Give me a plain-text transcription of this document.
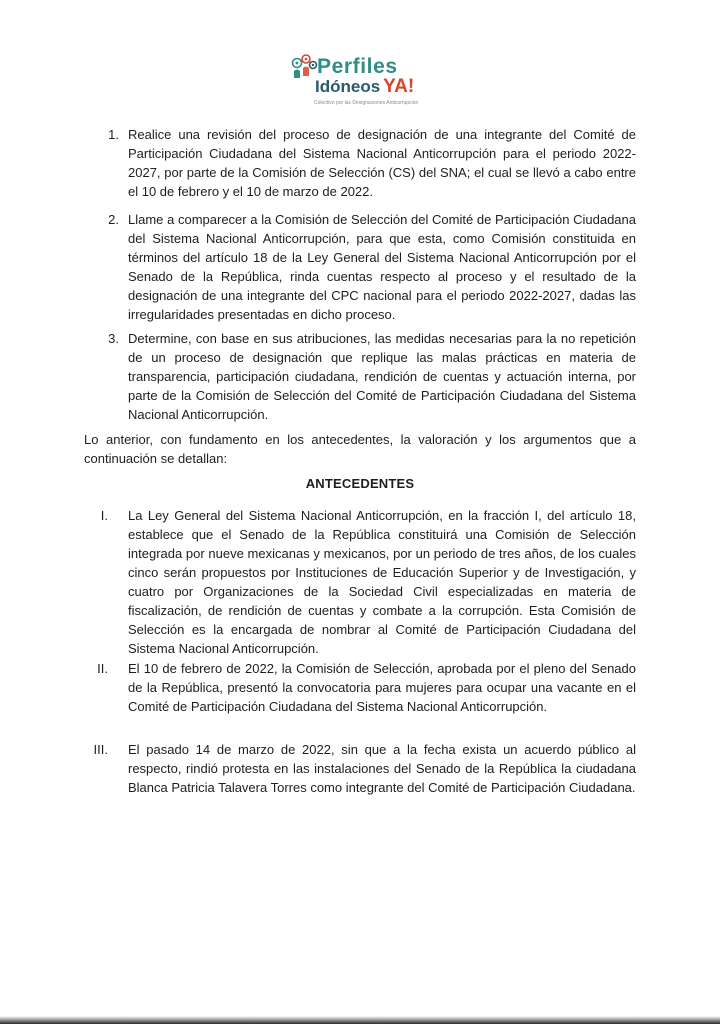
Perfiles
Idóneos YA!
Colectivo por las Designaciones Anticorrupción
1. Realice una revisión del proceso de designación de una integrante del Comité de Participación Ciudadana del Sistema Nacional Anticorrupción para el periodo 2022-2027, por parte de la Comisión de Selección (CS) del SNA; el cual se llevó a cabo entre el 10 de febrero y el 10 de marzo de 2022.

2. Llame a comparecer a la Comisión de Selección del Comité de Participación Ciudadana del Sistema Nacional Anticorrupción, para que esta, como Comisión constituida en términos del artículo 18 de la Ley General del Sistema Nacional Anticorrupción por el Senado de la República, rinda cuentas respecto al proceso y el resultado de la designación de una integrante del CPC nacional para el periodo 2022-2027, dadas las irregularidades presentadas en dicho proceso.

3. Determine, con base en sus atribuciones, las medidas necesarias para la no repetición de un proceso de designación que replique las malas prácticas en materia de transparencia, participación ciudadana, rendición de cuentas y actuación interna, por parte de la Comisión de Selección del Comité de Participación Ciudadana del Sistema Nacional Anticorrupción.

Lo anterior, con fundamento en los antecedentes, la valoración y los argumentos que a continuación se detallan:

ANTECEDENTES
I. La Ley General del Sistema Nacional Anticorrupción, en la fracción I, del artículo 18, establece que el Senado de la República constituirá una Comisión de Selección integrada por nueve mexicanas y mexicanos, por un periodo de tres años, de los cuales cinco serán propuestos por Instituciones de Educación Superior y de Investigación, y cuatro por Organizaciones de la Sociedad Civil especializadas en materia de fiscalización, de rendición de cuentas y combate a la corrupción. Esta Comisión de Selección es la encargada de nombrar al Comité de Participación Ciudadana del Sistema Nacional Anticorrupción.

II. El 10 de febrero de 2022, la Comisión de Selección, aprobada por el pleno del Senado de la República, presentó la convocatoria para mujeres para ocupar una vacante en el Comité de Participación Ciudadana del Sistema Nacional Anticorrupción.

III. El pasado 14 de marzo de 2022, sin que a la fecha exista un acuerdo público al respecto, rindió protesta en las instalaciones del Senado de la República la ciudadana Blanca Patricia Talavera Torres como integrante del Comité de Participación Ciudadana.
